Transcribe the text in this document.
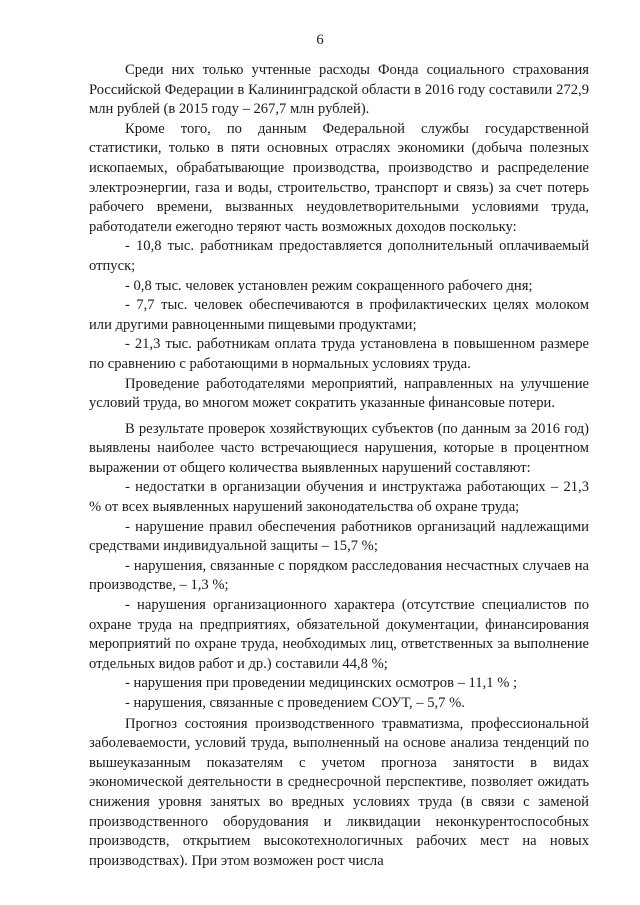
6

Среди них только учтенные расходы Фонда социального страхования Российской Федерации в Калининградской области в 2016 году составили 272,9 млн рублей (в 2015 году – 267,7 млн рублей).

Кроме того, по данным Федеральной службы государственной статистики, только в пяти основных отраслях экономики (добыча полезных ископаемых, обрабатывающие производства, производство и распределение электроэнергии, газа и воды, строительство, транспорт и связь) за счет потерь рабочего времени, вызванных неудовлетворительными условиями труда, работодатели ежегодно теряют часть возможных доходов поскольку:

- 10,8 тыс. работникам предоставляется дополнительный оплачиваемый отпуск;

- 0,8 тыс. человек установлен режим сокращенного рабочего дня;

- 7,7 тыс. человек обеспечиваются в профилактических целях молоком или другими равноценными пищевыми продуктами;

- 21,3 тыс. работникам оплата труда установлена в повышенном размере по сравнению с работающими в нормальных условиях труда.

Проведение работодателями мероприятий, направленных на улучшение условий труда, во многом может сократить указанные финансовые потери.

В результате проверок хозяйствующих субъектов (по данным за 2016 год) выявлены наиболее часто встречающиеся нарушения, которые в процентном выражении от общего количества выявленных нарушений составляют:

- недостатки в организации обучения и инструктажа работающих – 21,3 % от всех выявленных нарушений законодательства об охране труда;

- нарушение правил обеспечения работников организаций надлежащими средствами индивидуальной защиты – 15,7 %;

- нарушения, связанные с порядком расследования несчастных случаев на производстве, – 1,3 %;

- нарушения организационного характера (отсутствие специалистов по охране труда на предприятиях, обязательной документации, финансирования мероприятий по охране труда, необходимых лиц, ответственных за выполнение отдельных видов работ и др.) составили 44,8 %;

- нарушения при проведении медицинских осмотров – 11,1 % ;

- нарушения, связанные с проведением СОУТ, – 5,7 %.

Прогноз состояния производственного травматизма, профессиональной заболеваемости, условий труда, выполненный на основе анализа тенденций по вышеуказанным показателям с учетом прогноза занятости в видах экономической деятельности в среднесрочной перспективе, позволяет ожидать снижения уровня занятых во вредных условиях труда (в связи с заменой производственного оборудования и ликвидации неконкурентоспособных производств, открытием высокотехнологичных рабочих мест на новых производствах). При этом возможен рост числа
